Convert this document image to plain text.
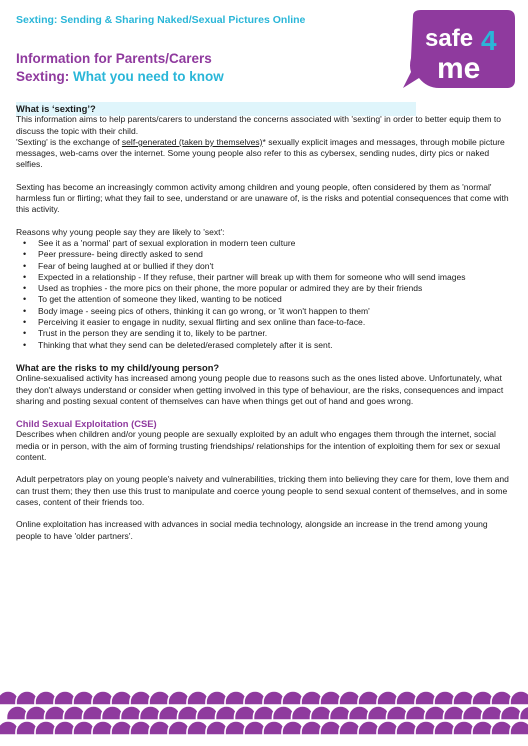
Sexting: Sending & Sharing Naked/Sexual Pictures Online
safe 4
me
Information for Parents/Carers
Sexting: What you need to know

What is ‘sexting’?

This information aims to help parents/carers to understand the concerns associated with 'sexting' in order to better equip them to discuss the topic with their child.

'Sexting' is the exchange of self-generated (taken by themselves)* sexually explicit images and messages, through mobile picture messages, web-cams over the internet. Some young people also refer to this as cybersex, sending nudes, dirty pics or naked selfies.

Sexting has become an increasingly common activity among children and young people, often considered by them as 'normal' harmless fun or flirting; what they fail to see, understand or are unaware of, is the risks and potential consequences that come with this activity.

Reasons why young people say they are likely to 'sext':

• See it as a 'normal' part of sexual exploration in modern teen culture
• Peer pressure- being directly asked to send
• Fear of being laughed at or bullied if they don't
• Expected in a relationship - If they refuse, their partner will break up with them for someone who will send images
• Used as trophies - the more pics on their phone, the more popular or admired they are by their friends
• To get the attention of someone they liked, wanting to be noticed
• Body image - seeing pics of others, thinking it can go wrong, or 'it won't happen to them'
• Perceiving it easier to engage in nudity, sexual flirting and sex online than face-to-face.
• Trust in the person they are sending it to, likely to be partner.
• Thinking that what they send can be deleted/erased completely after it is sent.

What are the risks to my child/young person?

Online-sexualised activity has increased among young people due to reasons such as the ones listed above. Unfortunately, what they don't always understand or consider when getting involved in this type of behaviour, are the risks, consequences and impact sharing and posting sexual content of themselves can have when things get out of hand and goes wrong.

Child Sexual Exploitation (CSE)

Describes when children and/or young people are sexually exploited by an adult who engages them through the internet, social media or in person, with the aim of forming trusting friendships/ relationships for the intention of exploiting them for sex or sexual content.

Adult perpetrators play on young people's naivety and vulnerabilities, tricking them into believing they care for them, love them and can trust them; they then use this trust to manipulate and coerce young people to send sexual content of themselves, and in some cases, content of their friends too.

Online exploitation has increased with advances in social media technology, alongside an increase in the trend among young people to have 'older partners'.
